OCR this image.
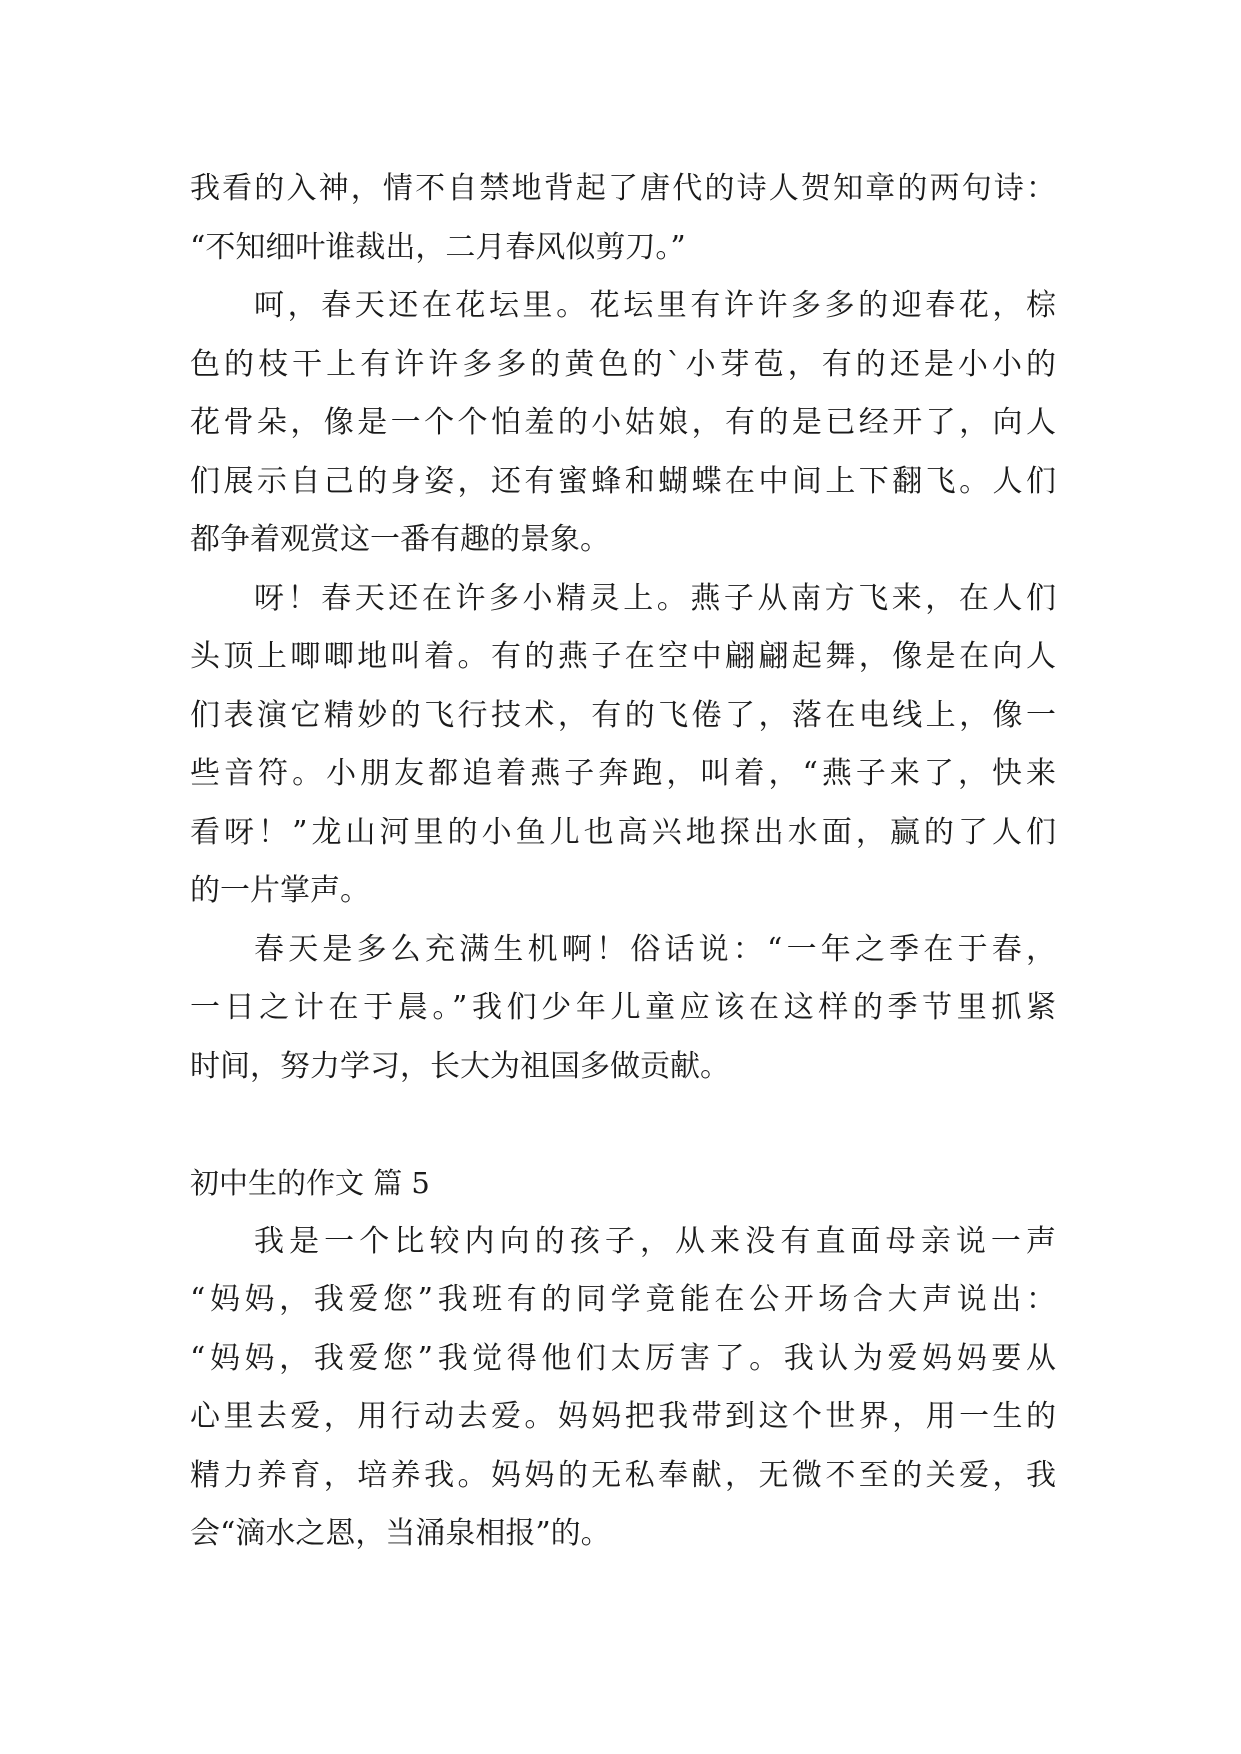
我看的入神，情不自禁地背起了唐代的诗人贺知章的两句诗：
“不知细叶谁裁出，二月春风似剪刀。”
呵，春天还在花坛里。花坛里有许许多多的迎春花，棕
色的枝干上有许许多多的黄色的`小芽苞，有的还是小小的
花骨朵，像是一个个怕羞的小姑娘，有的是已经开了，向人
们展示自己的身姿，还有蜜蜂和蝴蝶在中间上下翻飞。人们
都争着观赏这一番有趣的景象。
呀！春天还在许多小精灵上。燕子从南方飞来，在人们
头顶上唧唧地叫着。有的燕子在空中翩翩起舞，像是在向人
们表演它精妙的飞行技术，有的飞倦了，落在电线上，像一
些音符。小朋友都追着燕子奔跑，叫着，“燕子来了，快来
看呀！”龙山河里的小鱼儿也高兴地探出水面，赢的了人们
的一片掌声。
春天是多么充满生机啊！俗话说：“一年之季在于春，
一日之计在于晨。”我们少年儿童应该在这样的季节里抓紧
时间，努力学习，长大为祖国多做贡献。
初中生的作文 篇 5
我是一个比较内向的孩子，从来没有直面母亲说一声
“妈妈，我爱您”我班有的同学竟能在公开场合大声说出：
“妈妈，我爱您”我觉得他们太厉害了。我认为爱妈妈要从
心里去爱，用行动去爱。妈妈把我带到这个世界，用一生的
精力养育，培养我。妈妈的无私奉献，无微不至的关爱，我
会“滴水之恩，当涌泉相报”的。
